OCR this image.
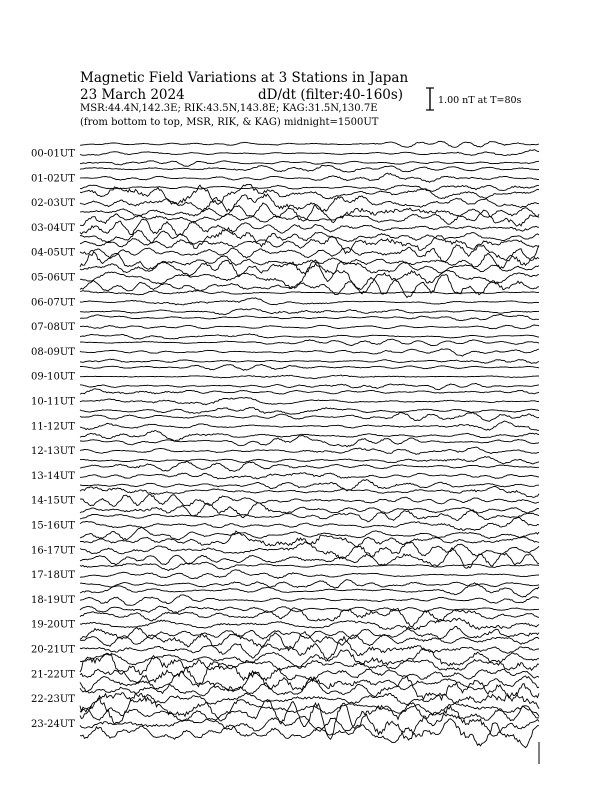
Magnetic Field Variations at 3 Stations in Japan
23 March 2024	dD/dt (filter:40-160s)
MSR:44.4N,142.3E; RIK:43.5N,143.8E; KAG:31.5N,130.7E
(from bottom to top, MSR, RIK, & KAG) midnight=1500UT
1.00 nT at T=80s
00-01UT
01-02UT
02-03UT
03-04UT
04-05UT
05-06UT
06-07UT
07-08UT
08-09UT
09-10UT
10-11UT
11-12UT
12-13UT
13-14UT
14-15UT
15-16UT
16-17UT
17-18UT
18-19UT
19-20UT
20-21UT
21-22UT
22-23UT
23-24UT
